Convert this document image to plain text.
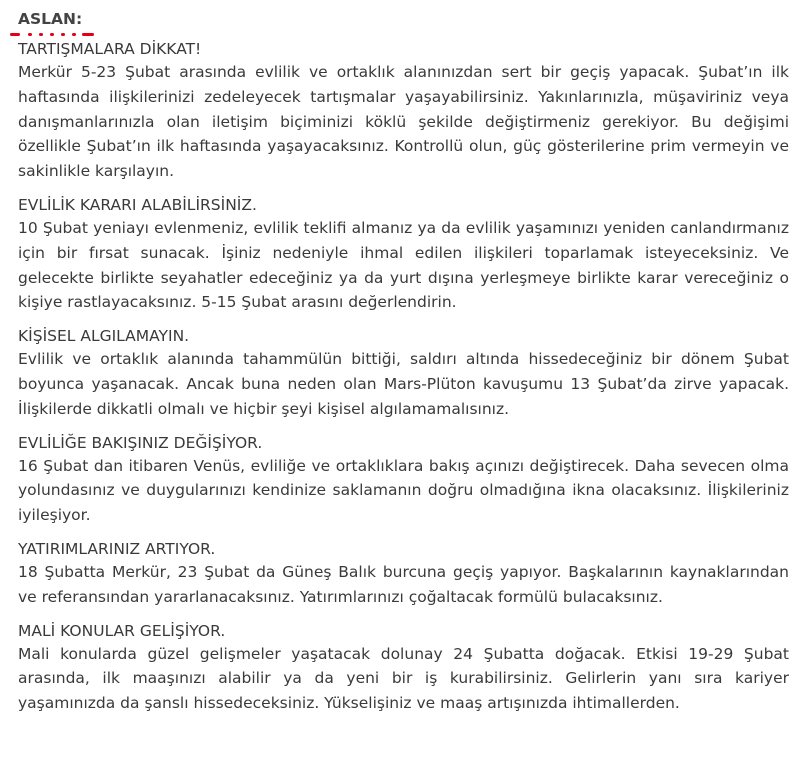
ASLAN:

TARTIŞMALARA DİKKAT!

Merkür 5-23 Şubat arasında evlilik ve ortaklık alanınızdan sert bir geçiş yapacak. Şubat’ın ilk haftasında ilişkilerinizi zedeleyecek tartışmalar yaşayabilirsiniz. Yakınlarınızla, müşaviriniz veya danışmanlarınızla olan iletişim biçiminizi köklü şekilde değiştirmeniz gerekiyor. Bu değişimi özellikle Şubat’ın ilk haftasında yaşayacaksınız. Kontrollü olun, güç gösterilerine prim vermeyin ve sakinlikle karşılayın.

EVLİLİK KARARI ALABİLİRSİNİZ.

10 Şubat yeniayı evlenmeniz, evlilik teklifi almanız ya da evlilik yaşamınızı yeniden canlandırmanız için bir fırsat sunacak. İşiniz nedeniyle ihmal edilen ilişkileri toparlamak isteyeceksiniz. Ve gelecekte birlikte seyahatler edeceğiniz ya da yurt dışına yerleşmeye birlikte karar vereceğiniz o kişiye rastlayacaksınız. 5-15 Şubat arasını değerlendirin.

KİŞİSEL ALGILAMAYIN.

Evlilik ve ortaklık alanında tahammülün bittiği, saldırı altında hissedeceğiniz bir dönem Şubat boyunca yaşanacak. Ancak buna neden olan Mars-Plüton kavuşumu 13 Şubat’da zirve yapacak. İlişkilerde dikkatli olmalı ve hiçbir şeyi kişisel algılamamalısınız.

EVLİLİĞE BAKIŞINIZ DEĞİŞİYOR.

16 Şubat dan itibaren Venüs, evliliğe ve ortaklıklara bakış açınızı değiştirecek. Daha sevecen olma yolundasınız ve duygularınızı kendinize saklamanın doğru olmadığına ikna olacaksınız. İlişkileriniz iyileşiyor.

YATIRIMLARINIZ ARTIYOR.

18 Şubatta Merkür, 23 Şubat da Güneş Balık burcuna geçiş yapıyor. Başkalarının kaynaklarından ve referansından yararlanacaksınız. Yatırımlarınızı çoğaltacak formülü bulacaksınız.

MALİ KONULAR GELİŞİYOR.

Mali konularda güzel gelişmeler yaşatacak dolunay 24 Şubatta doğacak. Etkisi 19-29 Şubat arasında, ilk maaşınızı alabilir ya da yeni bir iş kurabilirsiniz. Gelirlerin yanı sıra kariyer yaşamınızda da şanslı hissedeceksiniz. Yükselişiniz ve maaş artışınızda ihtimallerden.
